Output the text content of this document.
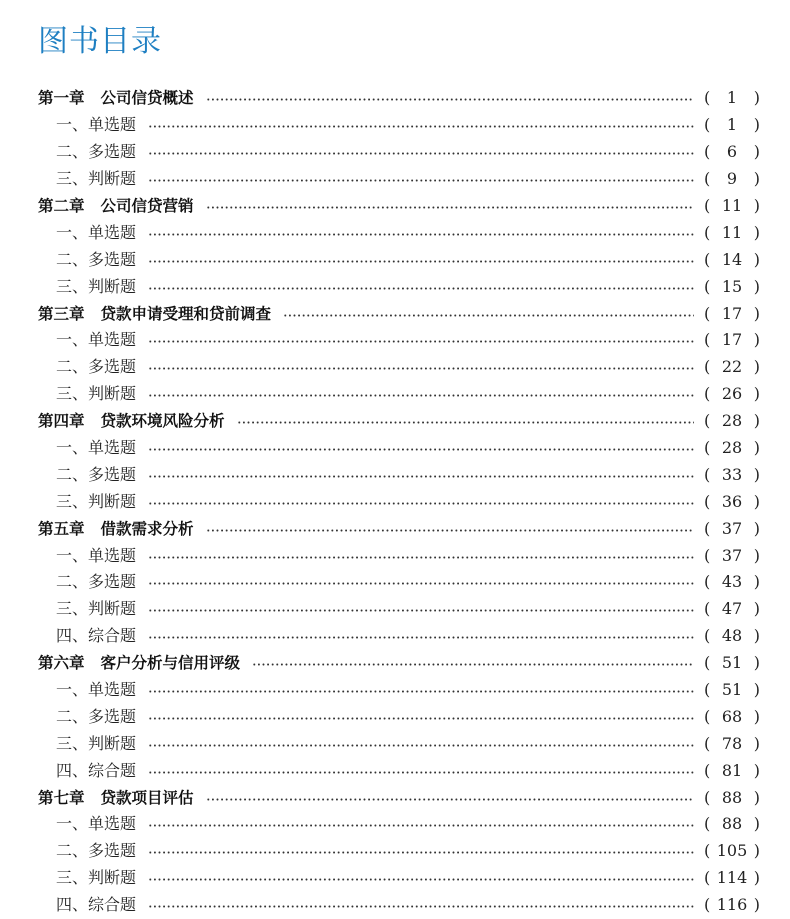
图书目录
第一章 公司信贷概述	(	1	)
一、单选题	(	1	)
二、多选题	(	6	)
三、判断题	(	9	)
第二章 公司信贷营销	( 11 )
一、单选题	( 11 )
二、多选题	( 14 )
三、判断题	( 15 )
第三章 贷款申请受理和贷前调查	( 17 )
一、单选题	( 17 )
二、多选题	( 22 )
三、判断题	( 26 )
第四章 贷款环境风险分析	( 28 )
一、单选题	( 28 )
二、多选题	( 33 )
三、判断题	( 36 )
第五章 借款需求分析	( 37 )
一、单选题	( 37 )
二、多选题	( 43 )
三、判断题	( 47 )
四、综合题	( 48 )
第六章 客户分析与信用评级	( 51 )
一、单选题	( 51 )
二、多选题	( 68 )
三、判断题	( 78 )
四、综合题	( 81 )
第七章 贷款项目评估	( 88 )
一、单选题	( 88 )
二、多选题	( 105 )
三、判断题	( 114 )
四、综合题	( 116 )
